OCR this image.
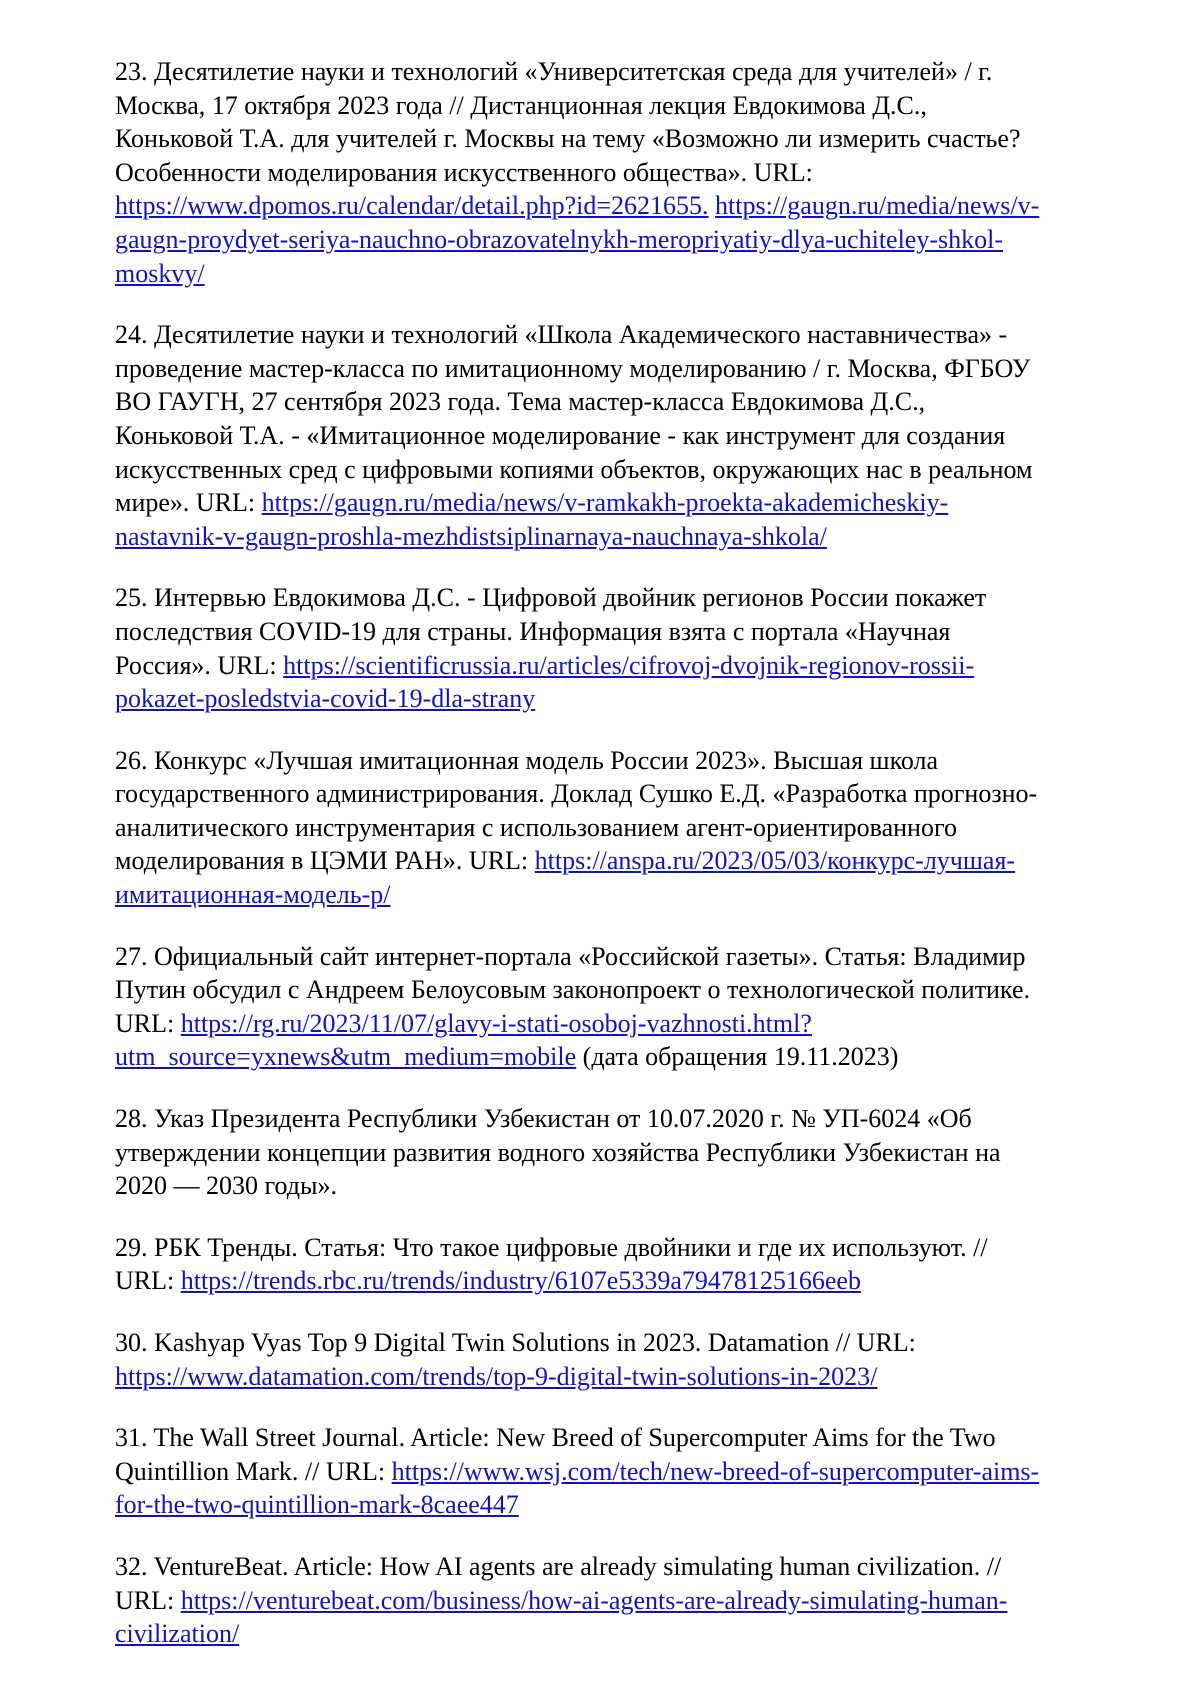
23. Десятилетие науки и технологий «Университетская среда для учителей» / г.
Москва, 17 октября 2023 года // Дистанционная лекция Евдокимова Д.С.,
Коньковой Т.А. для учителей г. Москвы на тему «Возможно ли измерить счастье?
Особенности моделирования искусственного общества». URL:
https://www.dpomos.ru/calendar/detail.php?id=2621655. https://gaugn.ru/media/news/v-
gaugn-proydyet-seriya-nauchno-obrazovatelnykh-meropriyatiy-dlya-uchiteley-shkol-
moskvy/
24. Десятилетие науки и технологий «Школа Академического наставничества» -
проведение мастер-класса по имитационному моделированию / г. Москва, ФГБОУ
ВО ГАУГН, 27 сентября 2023 года. Тема мастер-класса Евдокимова Д.С.,
Коньковой Т.А. - «Имитационное моделирование - как инструмент для создания
искусственных сред с цифровыми копиями объектов, окружающих нас в реальном
мире». URL: https://gaugn.ru/media/news/v-ramkakh-proekta-akademicheskiy-
nastavnik-v-gaugn-proshla-mezhdistsiplinarnaya-nauchnaya-shkola/
25. Интервью Евдокимова Д.С. - Цифровой двойник регионов России покажет
последствия COVID-19 для страны. Информация взята с портала «Научная
Россия». URL: https://scientificrussia.ru/articles/cifrovoj-dvojnik-regionov-rossii-
pokazet-posledstvia-covid-19-dla-strany
26. Конкурс «Лучшая имитационная модель России 2023». Высшая школа
государственного администрирования. Доклад Сушко Е.Д. «Разработка прогнозно-
аналитического инструментария с использованием агент-ориентированного
моделирования в ЦЭМИ РАН». URL: https://anspa.ru/2023/05/03/конкурс-лучшая-
имитационная-модель-р/
27. Официальный сайт интернет-портала «Российской газеты». Статья: Владимир
Путин обсудил с Андреем Белоусовым законопроект о технологической политике.
URL: https://rg.ru/2023/11/07/glavy-i-stati-osoboj-vazhnosti.html?
utm_source=yxnews&utm_medium=mobile (дата обращения 19.11.2023)
28. Указ Президента Республики Узбекистан от 10.07.2020 г. № УП-6024 «Об
утверждении концепции развития водного хозяйства Республики Узбекистан на
2020 — 2030 годы».
29. РБК Тренды. Статья: Что такое цифровые двойники и где их используют. //
URL: https://trends.rbc.ru/trends/industry/6107e5339a79478125166eeb
30. Kashyap Vyas Top 9 Digital Twin Solutions in 2023. Datamation // URL:
https://www.datamation.com/trends/top-9-digital-twin-solutions-in-2023/
31. The Wall Street Journal. Article: New Breed of Supercomputer Aims for the Two
Quintillion Mark. // URL: https://www.wsj.com/tech/new-breed-of-supercomputer-aims-
for-the-two-quintillion-mark-8caee447
32. VentureBeat. Article: How AI agents are already simulating human civilization. //
URL: https://venturebeat.com/business/how-ai-agents-are-already-simulating-human-
civilization/
